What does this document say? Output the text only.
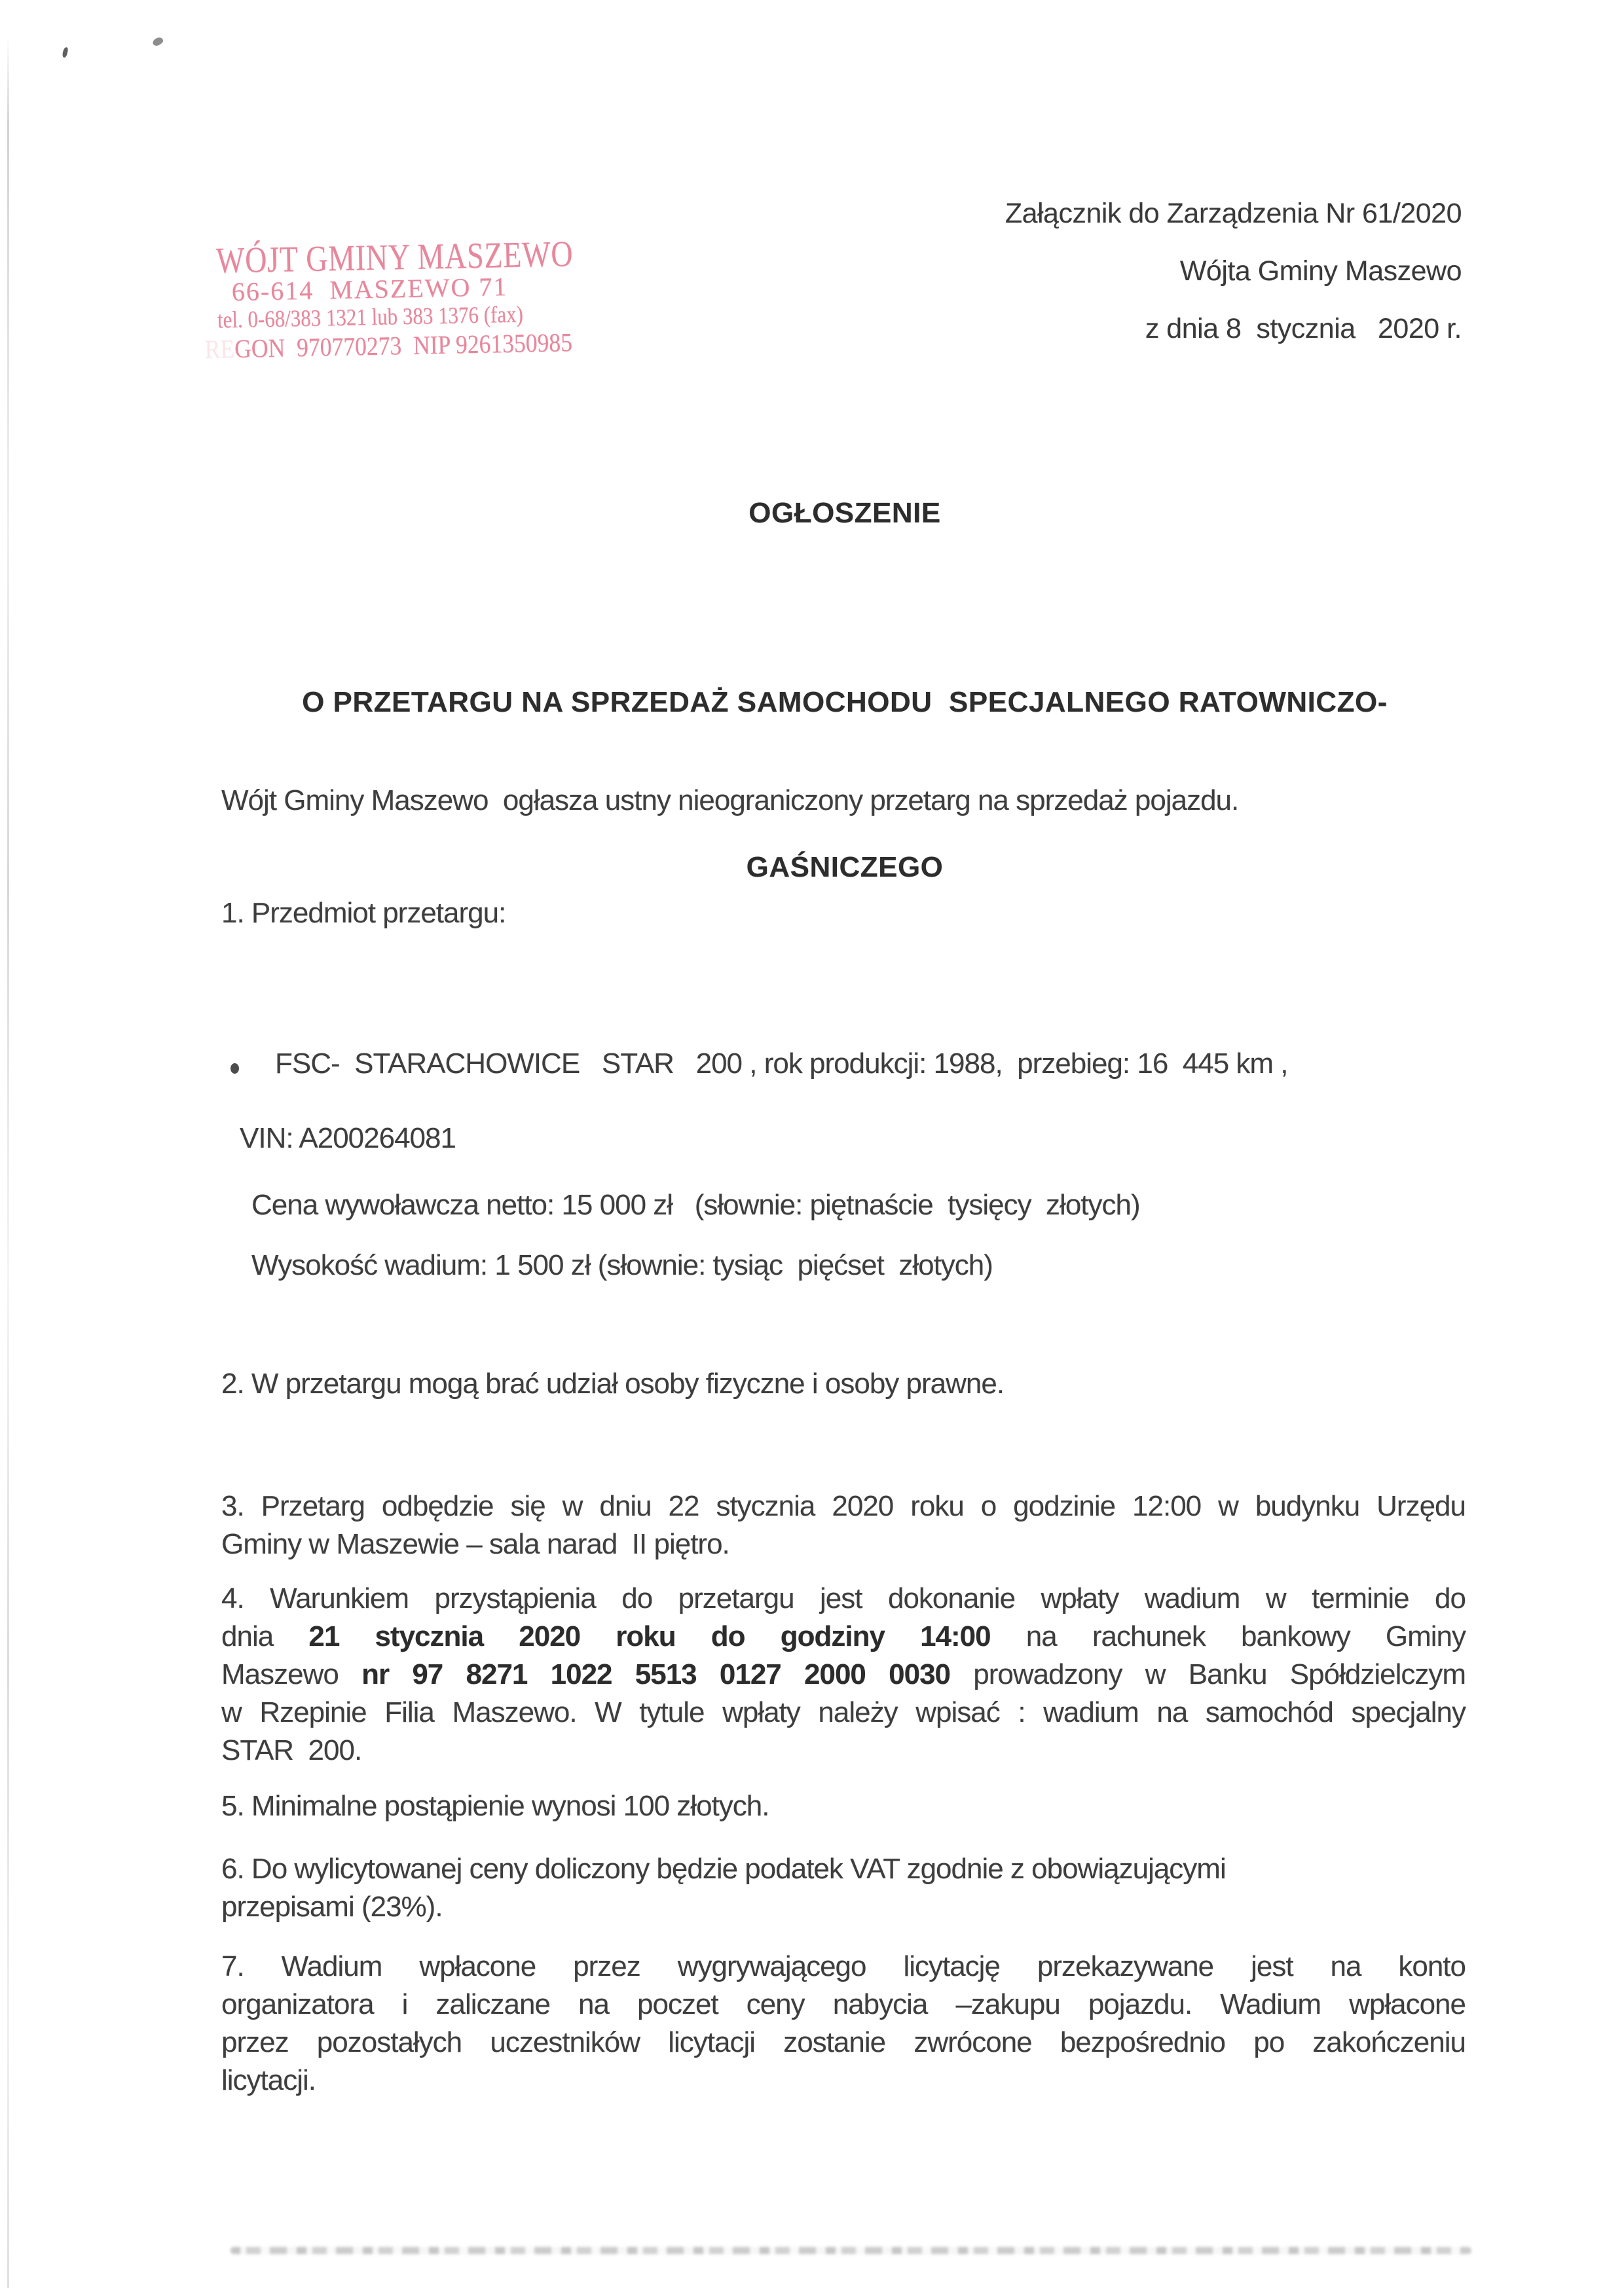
WÓJT GMINY MASZEWO
66-614  MASZEWO 71
tel. 0-68/383 1321 lub 383 1376 (fax)
REGON  970770273  NIP 9261350985
Załącznik do Zarządzenia Nr 61/2020
Wójta Gminy Maszewo
z dnia 8  stycznia   2020 r.
OGŁOSZENIE

O PRZETARGU NA SPRZEDAŻ SAMOCHODU  SPECJALNEGO RATOWNICZO-

GAŚNICZEGO

Wójt Gminy Maszewo  ogłasza ustny nieograniczony przetarg na sprzedaż pojazdu.
1. Przedmiot przetargu:
FSC-  STARACHOWICE   STAR   200 , rok produkcji: 1988,  przebieg: 16  445 km ,
VIN: A200264081
Cena wywoławcza netto: 15 000 zł   (słownie: piętnaście  tysięcy  złotych)
Wysokość wadium: 1 500 zł (słownie: tysiąc  pięćset  złotych)
2. W przetargu mogą brać udział osoby fizyczne i osoby prawne.
3. Przetarg odbędzie się w dniu 22 stycznia 2020 roku o godzinie 12:00 w budynku Urzędu
Gminy w Maszewie – sala narad  II piętro.
4. Warunkiem przystąpienia do przetargu jest dokonanie wpłaty wadium w terminie do
dnia 21 stycznia 2020 roku do godziny 14:00 na rachunek bankowy Gminy
Maszewo nr 97 8271 1022 5513 0127 2000 0030 prowadzony w Banku Spółdzielczym
w Rzepinie Filia Maszewo. W tytule wpłaty należy wpisać : wadium na samochód specjalny
STAR  200.
5. Minimalne postąpienie wynosi 100 złotych.
6. Do wylicytowanej ceny doliczony będzie podatek VAT zgodnie z obowiązującymi
przepisami (23%).
7. Wadium wpłacone przez wygrywającego licytację przekazywane jest na konto
organizatora i zaliczane na poczet ceny nabycia –zakupu pojazdu. Wadium wpłacone
przez pozostałych uczestników licytacji zostanie zwrócone bezpośrednio po zakończeniu
licytacji.
